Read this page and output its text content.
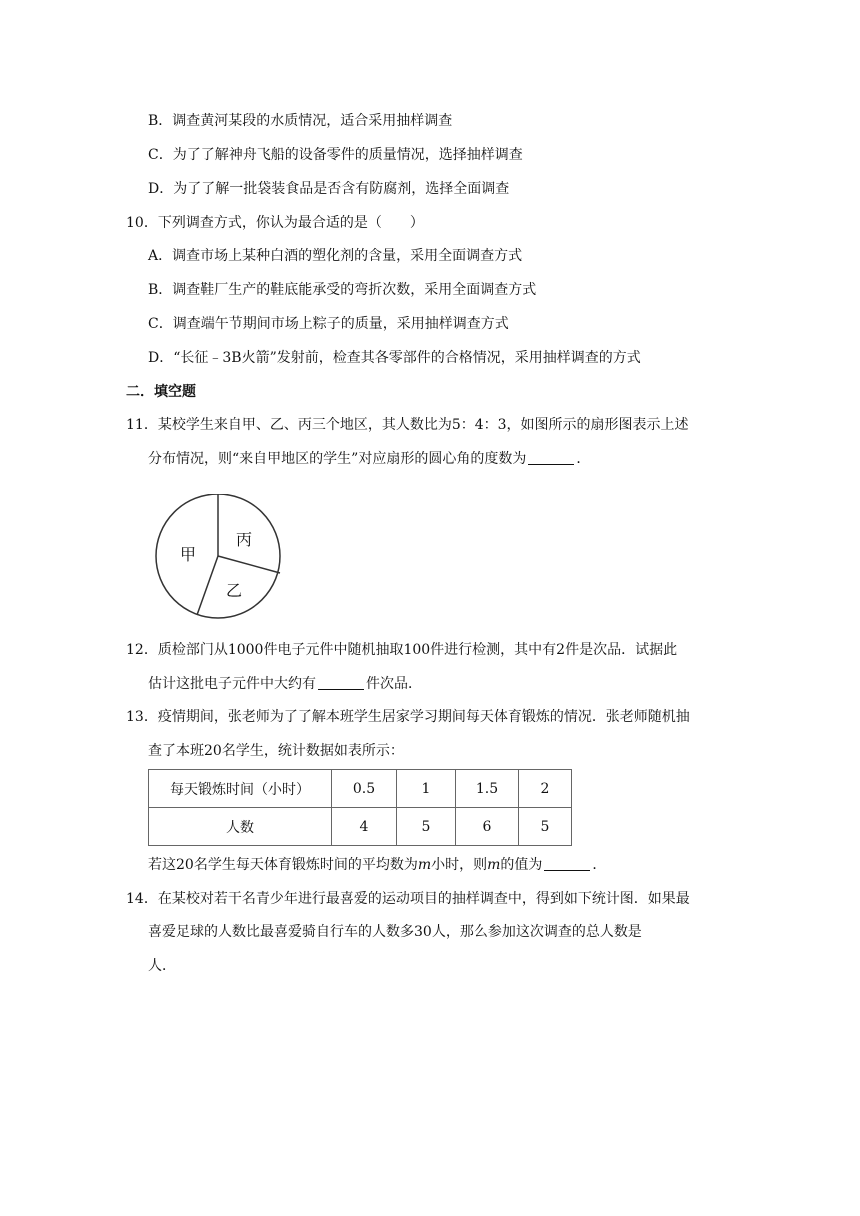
B．调查黄河某段的水质情况，适合采用抽样调查
C．为了了解神舟飞船的设备零件的质量情况，选择抽样调查
D．为了了解一批袋装食品是否含有防腐剂，选择全面调查
10．下列调查方式，你认为最合适的是（　　）
A．调查市场上某种白酒的塑化剂的含量，采用全面调查方式
B．调查鞋厂生产的鞋底能承受的弯折次数，采用全面调查方式
C．调查端午节期间市场上粽子的质量，采用抽样调查方式
D．“长征﹣3B火箭”发射前，检查其各零部件的合格情况，采用抽样调查的方式
二．填空题
11．某校学生来自甲、乙、丙三个地区，其人数比为5：4：3，如图所示的扇形图表示上述
分布情况，则“来自甲地区的学生”对应扇形的圆心角的度数为	．
甲
丙
乙
12．质检部门从1000件电子元件中随机抽取100件进行检测，其中有2件是次品．试据此
估计这批电子元件中大约有	件次品．
13．疫情期间，张老师为了了解本班学生居家学习期间每天体育锻炼的情况．张老师随机抽
查了本班20名学生，统计数据如表所示：
每天锻炼时间（小时）	0.5	1	1.5	2
人数	4	5	6	5
若这20名学生每天体育锻炼时间的平均数为m小时，则m的值为	．
14．在某校对若干名青少年进行最喜爱的运动项目的抽样调查中，得到如下统计图．如果最
喜爱足球的人数比最喜爱骑自行车的人数多30人，那么参加这次调查的总人数是
人．
